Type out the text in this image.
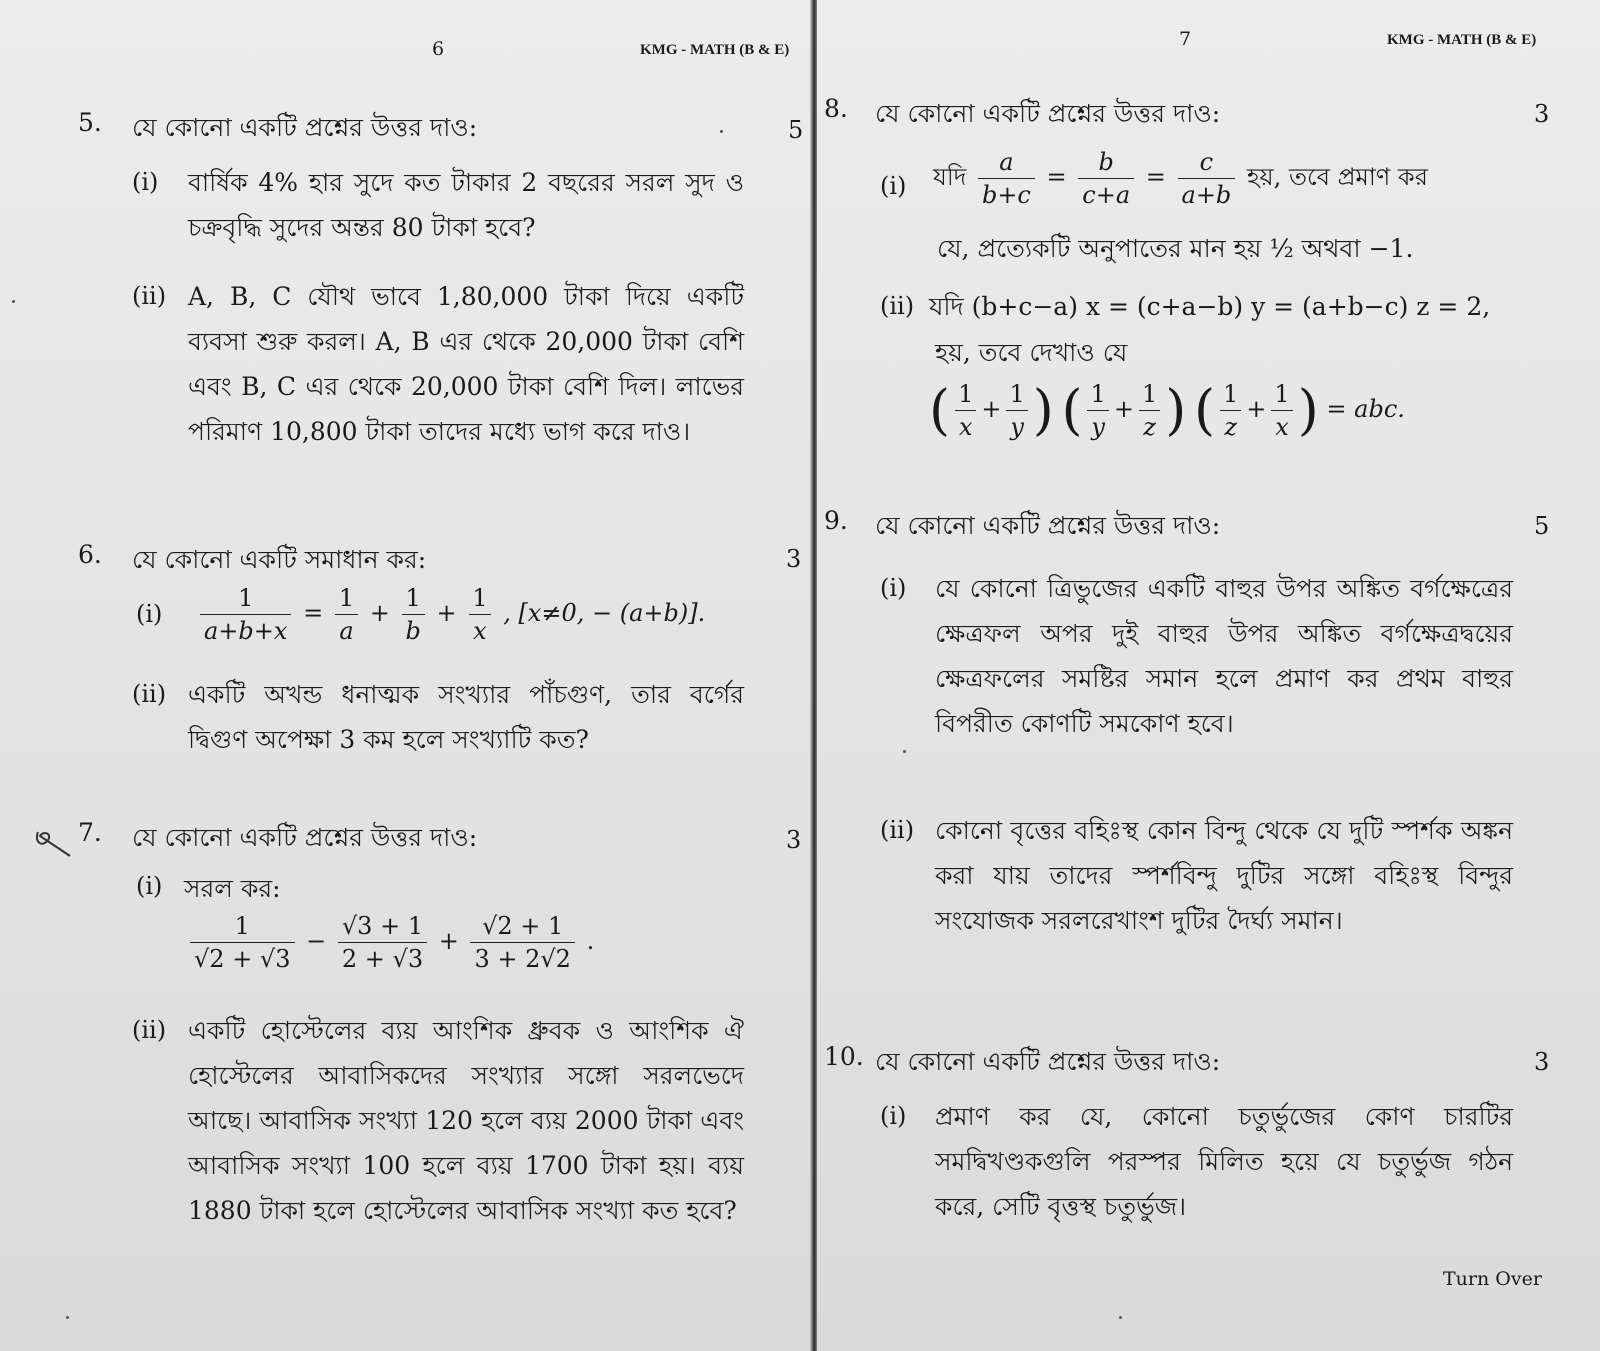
6	KMG - MATH (B & E)
5. যে কোনো একটি প্রশ্নের উত্তর দাও:	5
(i) বার্ষিক 4% হার সুদে কত টাকার 2 বছরের সরল সুদ ও চক্রবৃদ্ধি সুদের অন্তর 80 টাকা হবে?
(ii) A, B, C যৌথ ভাবে 1,80,000 টাকা দিয়ে একটি ব্যবসা শুরু করল। A, B এর থেকে 20,000 টাকা বেশি এবং B, C এর থেকে 20,000 টাকা বেশি দিল। লাভের পরিমাণ 10,800 টাকা তাদের মধ্যে ভাগ করে দাও।
6. যে কোনো একটি সমাধান কর:	3
$(i) \frac{1}{a+b+x} = \frac{1}{a} + \frac{1}{b} + \frac{1}{x}$ , [x≠0, − (a+b)].
(ii) একটি অখন্ড ধনাত্মক সংখ্যার পাঁচগুণ, তার বর্গের দ্বিগুণ অপেক্ষা 3 কম হলে সংখ্যাটি কত?
7. যে কোনো একটি প্রশ্নের উত্তর দাও:	3
(i) সরল কর:
$\frac{1}{√2 + √3} - \frac{√3 + 1}{2 + √3} + \frac{√2 + 1}{3 + 2√2}$ .
(ii) একটি হোস্টেলের ব্যয় আংশিক ধ্রুবক ও আংশিক ঐ হোস্টেলের আবাসিকদের সংখ্যার সঙ্গো সরলভেদে আছে। আবাসিক সংখ্যা 120 হলে ব্যয় 2000 টাকা এবং আবাসিক সংখ্যা 100 হলে ব্যয় 1700 টাকা হয়। ব্যয় 1880 টাকা হলে হোস্টেলের আবাসিক সংখ্যা কত হবে?
7	KMG - MATH (B & E)
8. যে কোনো একটি প্রশ্নের উত্তর দাও:	3
(i) যদি $\frac{a}{b+c} = \frac{b}{c+a} = \frac{c}{a+b}$ হয়, তবে প্রমাণ কর
যে, প্রত্যেকটি অনুপাতের মান হয় ½ অথবা −1.
(ii) যদি (b+c−a) x = (c+a−b) y = (a+b−c) z = 2,
হয়, তবে দেখাও যে
( $\frac{1}{x} + \frac{1}{y}$ ) ( $\frac{1}{y} + \frac{1}{z}$ ) ( $\frac{1}{z} + \frac{1}{x}$ ) = abc.
9. যে কোনো একটি প্রশ্নের উত্তর দাও:	5
(i) যে কোনো ত্রিভুজের একটি বাহুর উপর অঙ্কিত বর্গক্ষেত্রের ক্ষেত্রফল অপর দুই বাহুর উপর অঙ্কিত বর্গক্ষেত্রদ্বয়ের ক্ষেত্রফলের সমষ্টির সমান হলে প্রমাণ কর প্রথম বাহুর বিপরীত কোণটি সমকোণ হবে।
(ii) কোনো বৃত্তের বহিঃস্থ কোন বিন্দু থেকে যে দুটি স্পর্শক অঙ্কন করা যায় তাদের স্পর্শবিন্দু দুটির সঙ্গো বহিঃস্থ বিন্দুর সংযোজক সরলরেখাংশ দুটির দৈর্ঘ্য সমান।
10. যে কোনো একটি প্রশ্নের উত্তর দাও:	3
(i) প্রমাণ কর যে, কোনো চতুর্ভুজের কোণ চারটির সমদ্বিখণ্ডকগুলি পরস্পর মিলিত হয়ে যে চতুর্ভুজ গঠন করে, সেটি বৃত্তস্থ চতুর্ভুজ।
Turn Over
